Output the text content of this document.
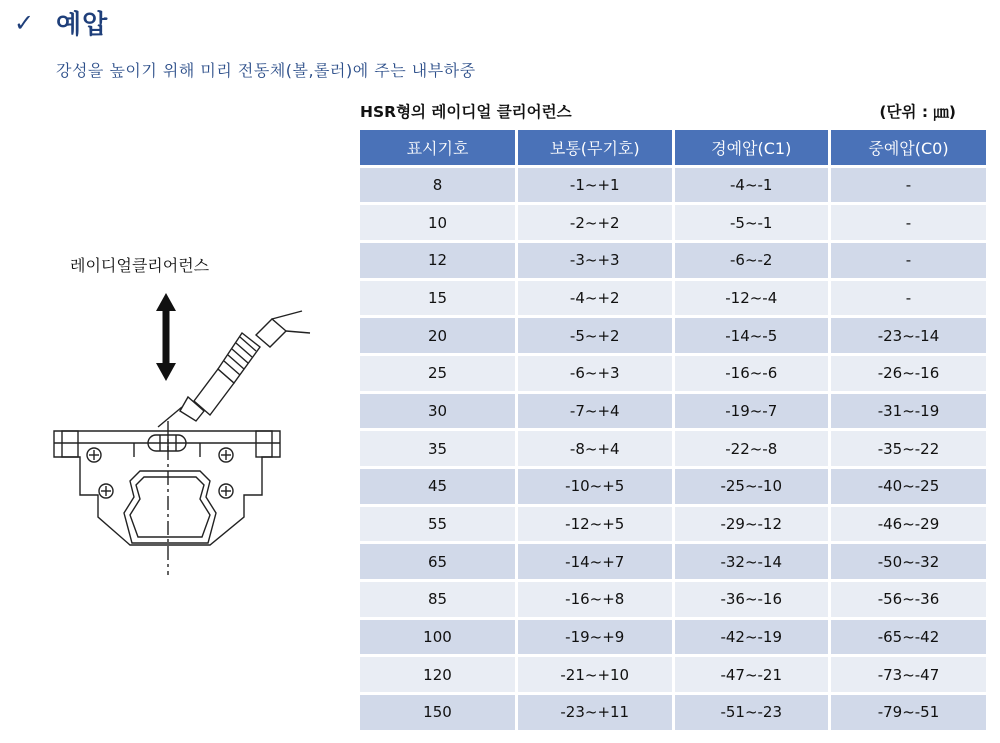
✓ 예압
강성을 높이기 위해 미리 전동체(볼,롤러)에 주는 내부하중
레이디얼클리어런스
HSR형의 레이디얼 클리어런스	(단위 : ㎛)
표시기호	보통(무기호)	경예압(C1)	중예압(C0)
8	-1~+1	-4~-1	-
10	-2~+2	-5~-1	-
12	-3~+3	-6~-2	-
15	-4~+2	-12~-4	-
20	-5~+2	-14~-5	-23~-14
25	-6~+3	-16~-6	-26~-16
30	-7~+4	-19~-7	-31~-19
35	-8~+4	-22~-8	-35~-22
45	-10~+5	-25~-10	-40~-25
55	-12~+5	-29~-12	-46~-29
65	-14~+7	-32~-14	-50~-32
85	-16~+8	-36~-16	-56~-36
100	-19~+9	-42~-19	-65~-42
120	-21~+10	-47~-21	-73~-47
150	-23~+11	-51~-23	-79~-51
